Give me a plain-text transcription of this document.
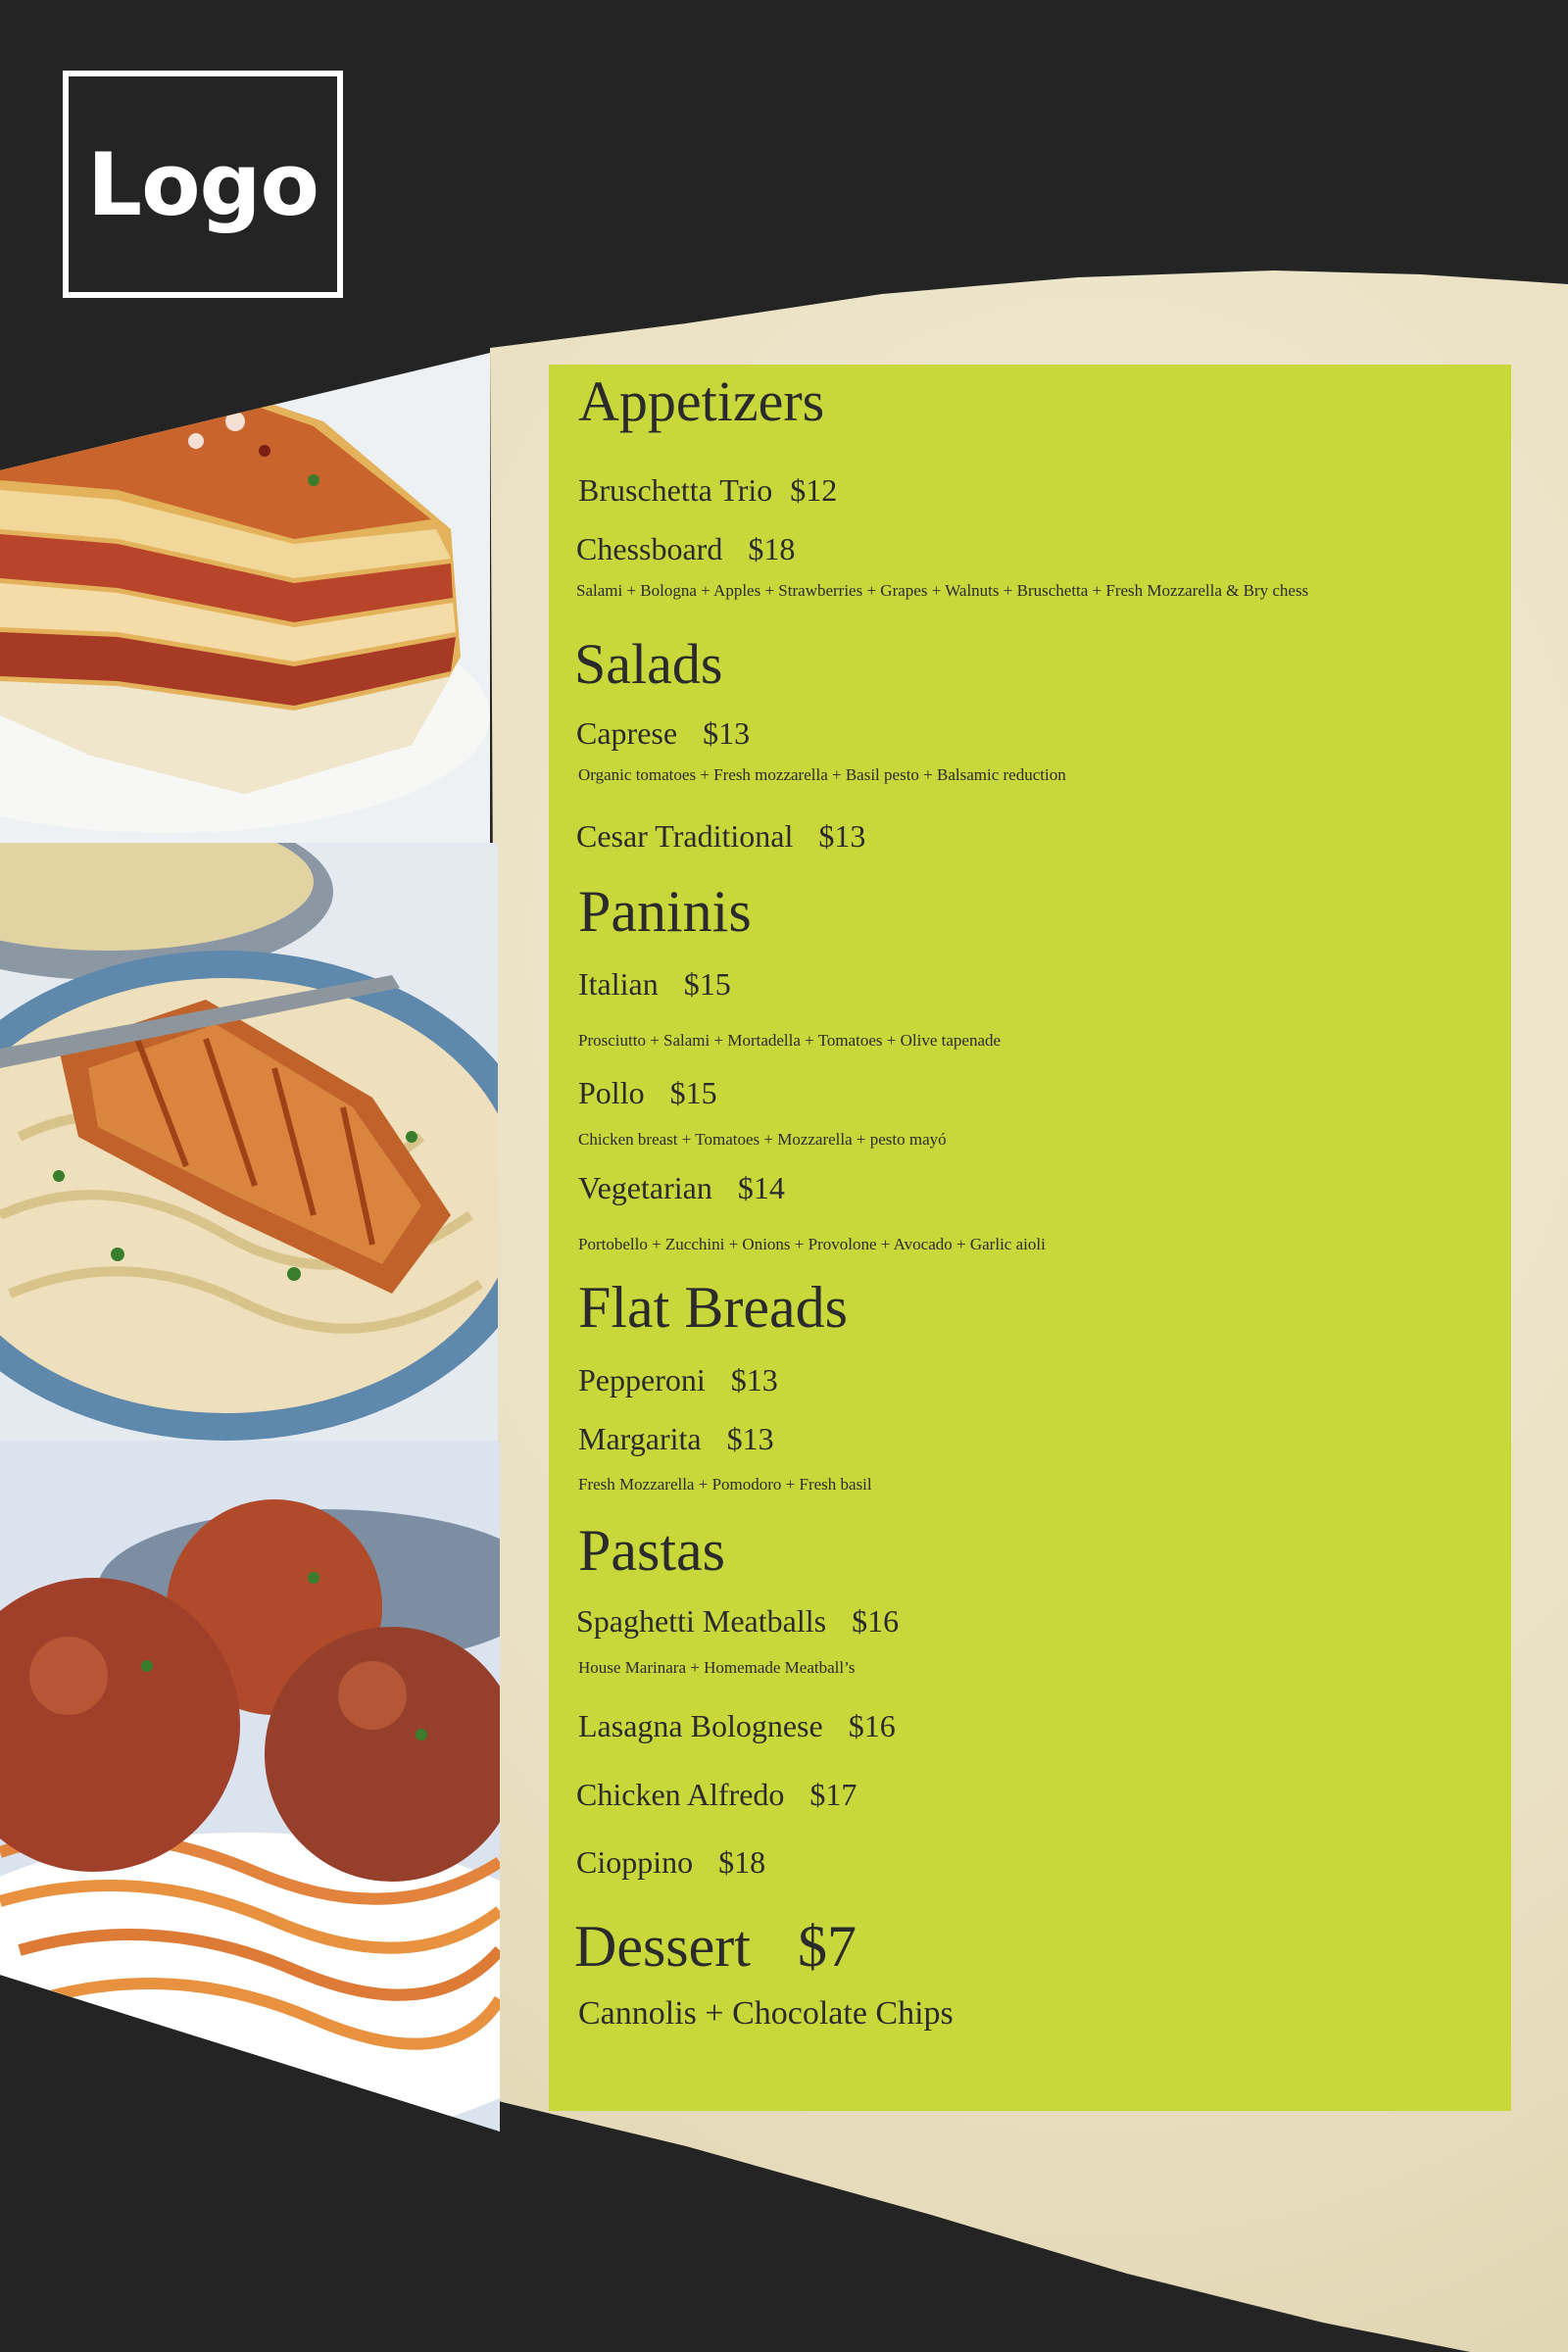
Logo
Appetizers

Bruschetta Trio $12

Chessboard $18

Salami + Bologna + Apples + Strawberries + Grapes + Walnuts + Bruschetta + Fresh Mozzarella & Bry chess

Salads

Caprese $13

Organic tomatoes + Fresh mozzarella + Basil pesto + Balsamic reduction

Cesar Traditional $13

Paninis

Italian $15

Prosciutto + Salami + Mortadella + Tomatoes + Olive tapenade

Pollo $15

Chicken breast + Tomatoes + Mozzarella + pesto mayó

Vegetarian $14

Portobello + Zucchini + Onions + Provolone + Avocado + Garlic aioli

Flat Breads

Pepperoni $13

Margarita $13

Fresh Mozzarella + Pomodoro + Fresh basil

Pastas

Spaghetti Meatballs $16

House Marinara + Homemade Meatball’s

Lasagna Bolognese $16

Chicken Alfredo $17

Cioppino $18

Dessert $7

Cannolis + Chocolate Chips
